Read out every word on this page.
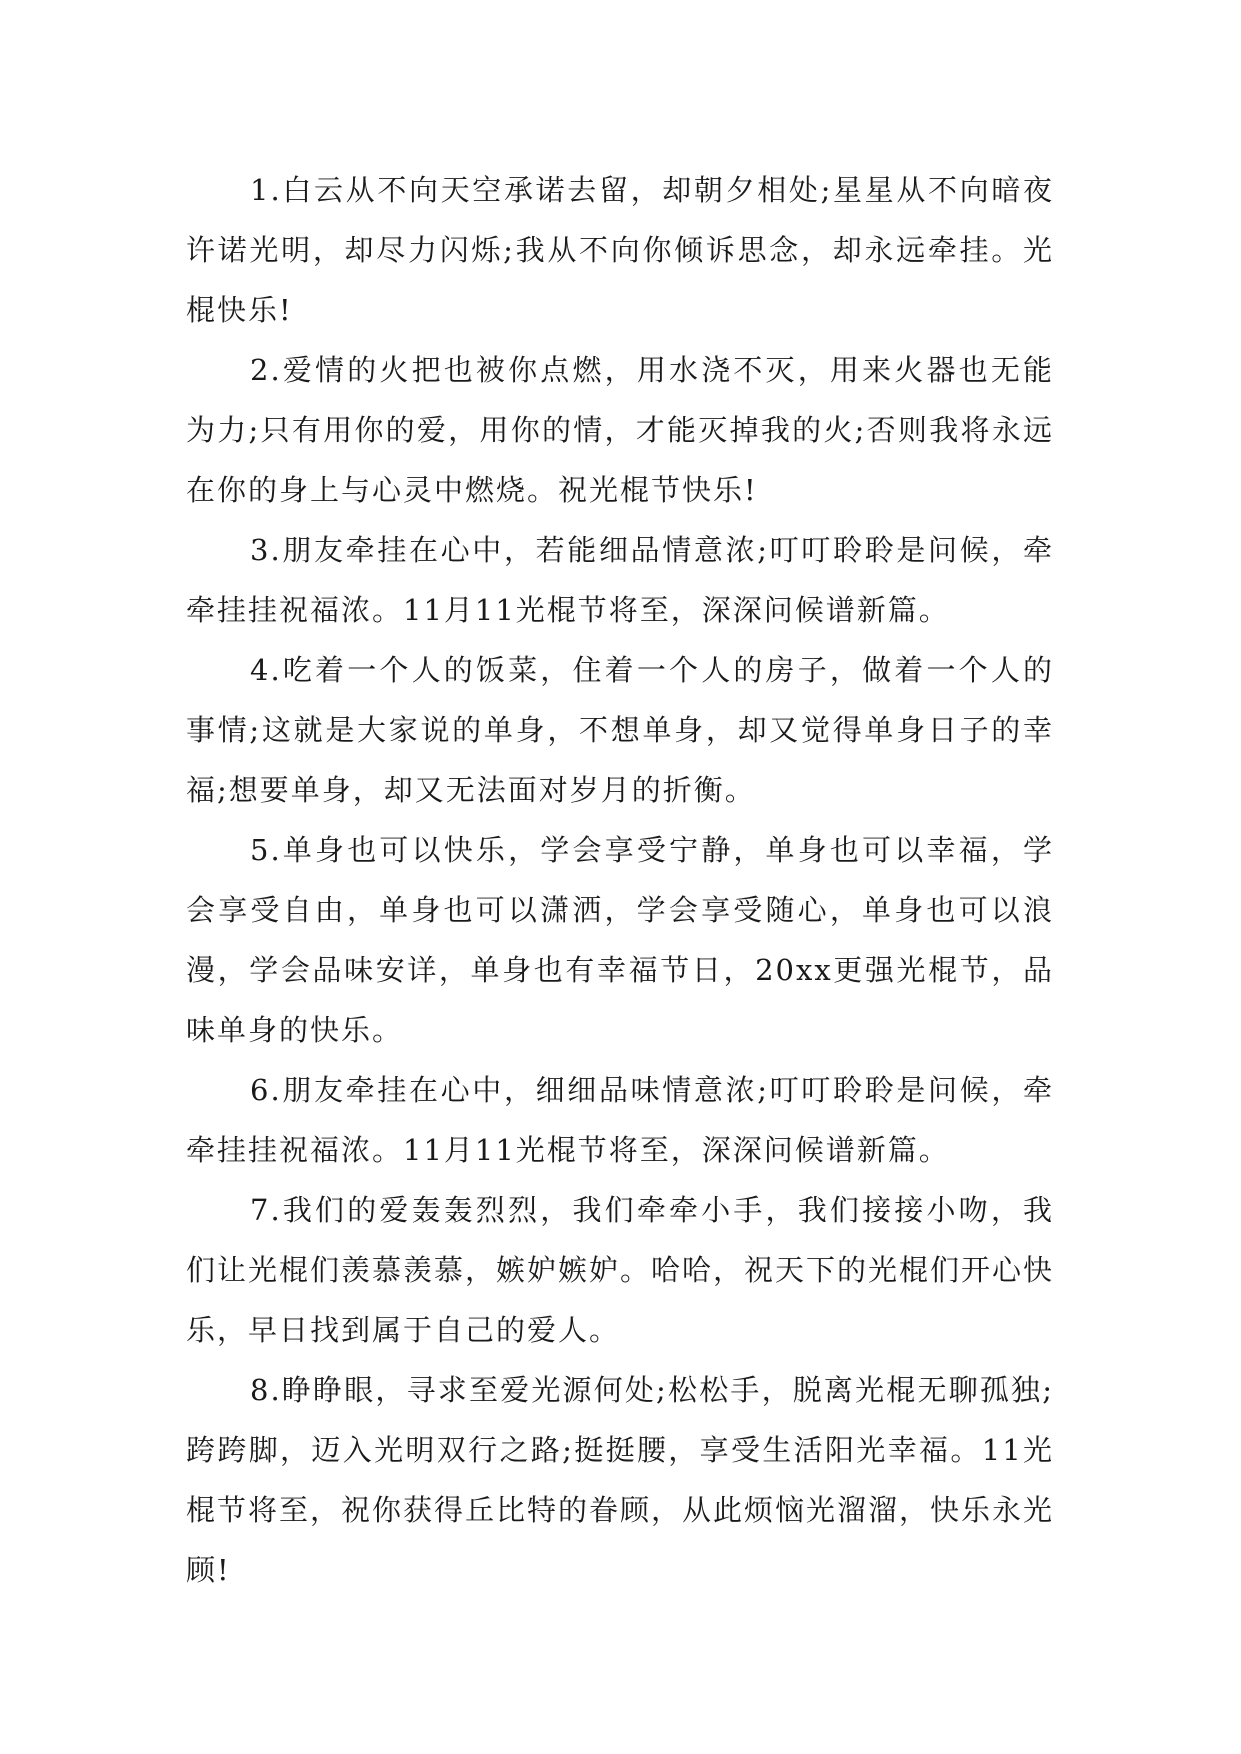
1.白云从不向天空承诺去留，却朝夕相处;星星从不向暗夜许诺光明，却尽力闪烁;我从不向你倾诉思念，却永远牵挂。光棍快乐!

2.爱情的火把也被你点燃，用水浇不灭，用来火器也无能为力;只有用你的爱，用你的情，才能灭掉我的火;否则我将永远在你的身上与心灵中燃烧。祝光棍节快乐!

3.朋友牵挂在心中，若能细品情意浓;叮叮聆聆是问候，牵牵挂挂祝福浓。11月11光棍节将至，深深问候谱新篇。

4.吃着一个人的饭菜，住着一个人的房子，做着一个人的事情;这就是大家说的单身，不想单身，却又觉得单身日子的幸福;想要单身，却又无法面对岁月的折衡。

5.单身也可以快乐，学会享受宁静，单身也可以幸福，学会享受自由，单身也可以潇洒，学会享受随心，单身也可以浪漫，学会品味安详，单身也有幸福节日，20xx更强光棍节，品味单身的快乐。

6.朋友牵挂在心中，细细品味情意浓;叮叮聆聆是问候，牵牵挂挂祝福浓。11月11光棍节将至，深深问候谱新篇。

7.我们的爱轰轰烈烈，我们牵牵小手，我们接接小吻，我们让光棍们羡慕羡慕，嫉妒嫉妒。哈哈，祝天下的光棍们开心快乐，早日找到属于自己的爱人。

8.睁睁眼，寻求至爱光源何处;松松手，脱离光棍无聊孤独;跨跨脚，迈入光明双行之路;挺挺腰，享受生活阳光幸福。11光棍节将至，祝你获得丘比特的眷顾，从此烦恼光溜溜，快乐永光顾!
